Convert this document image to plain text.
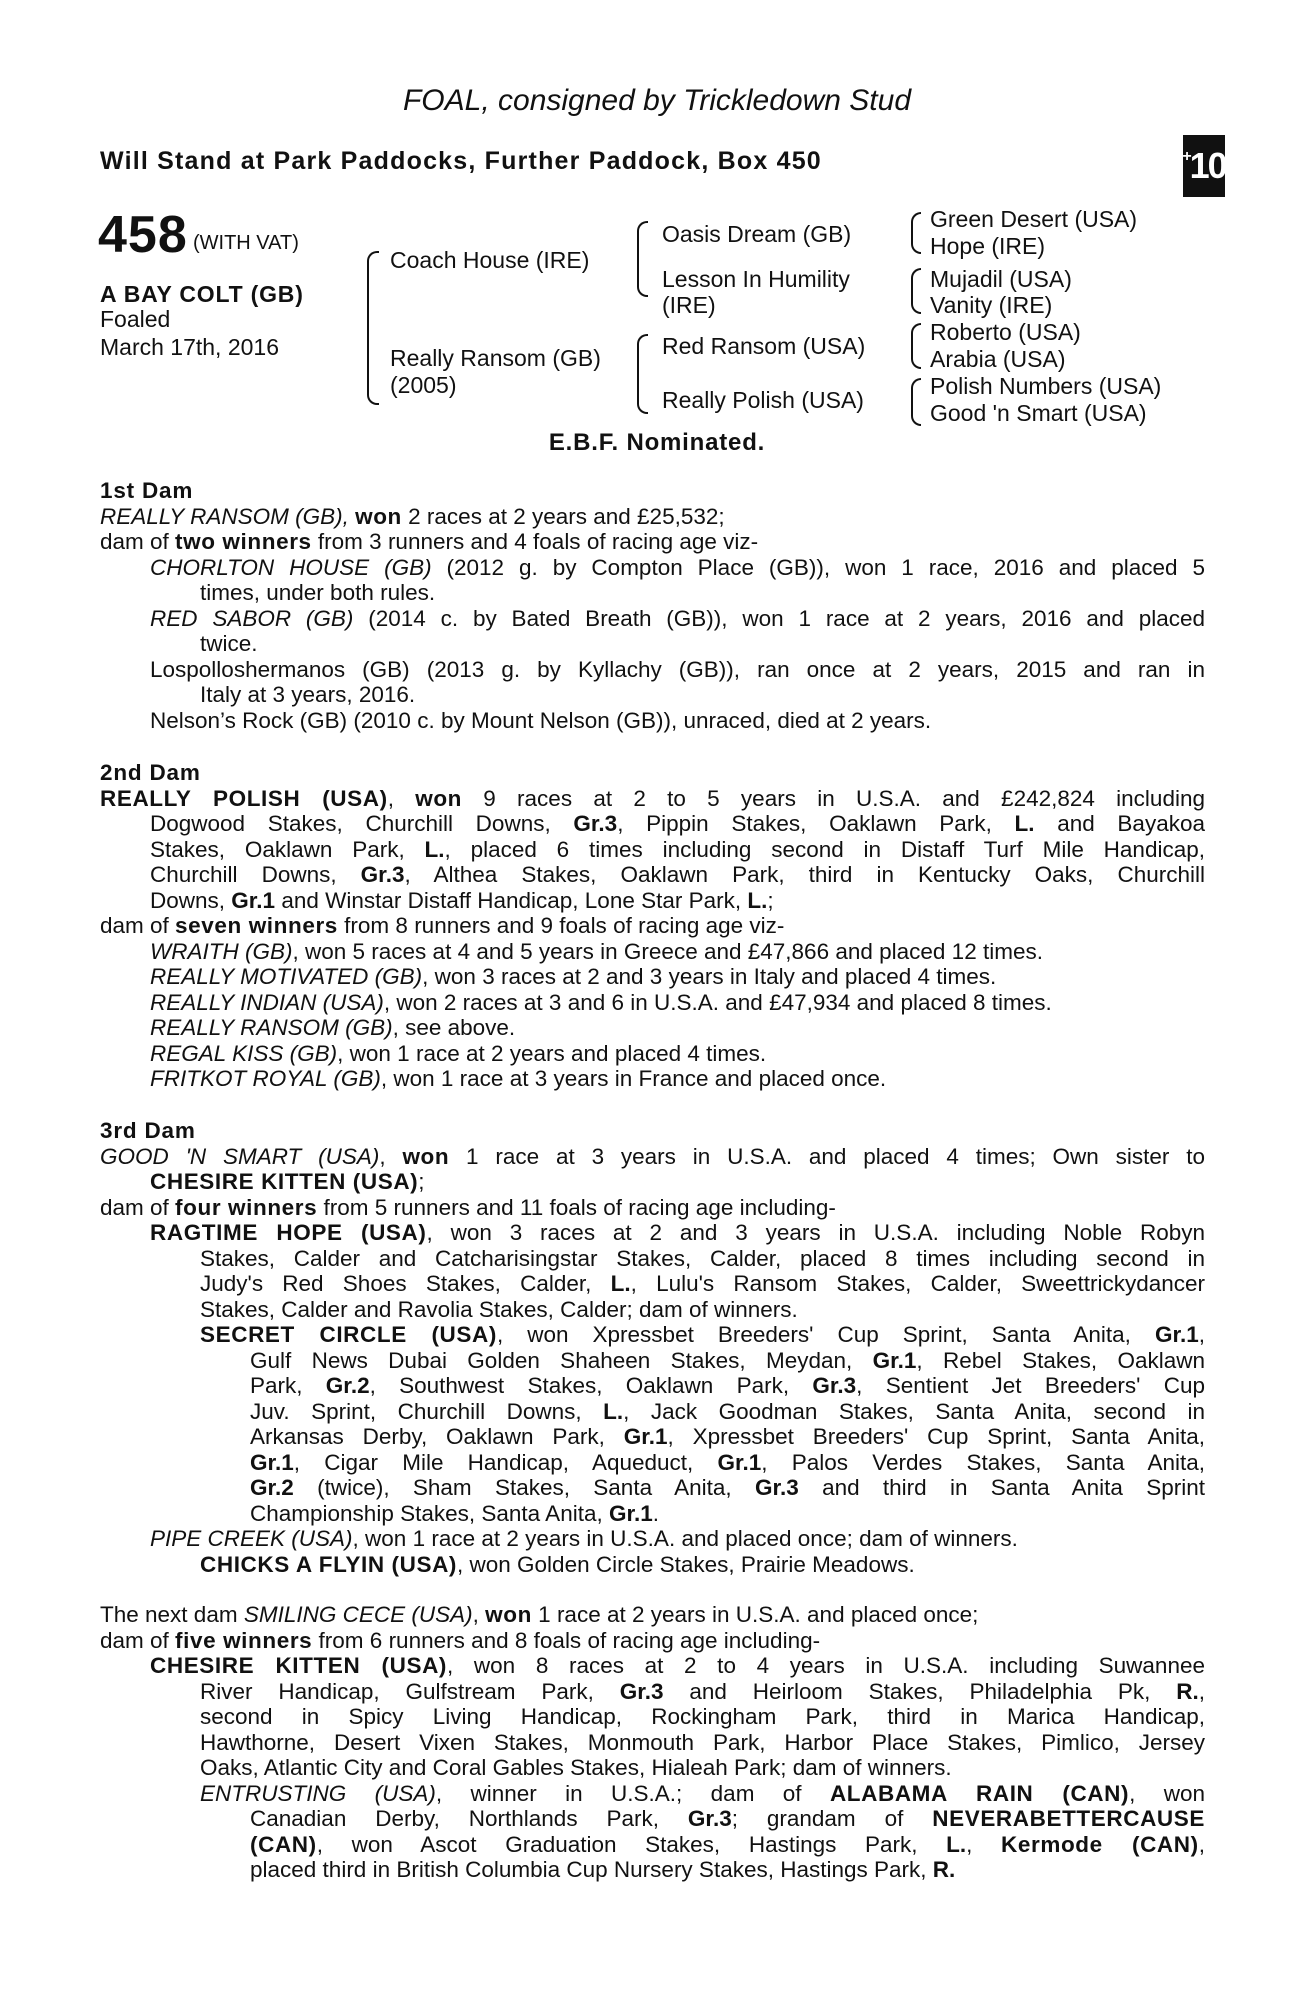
FOAL, consigned by Trickledown Stud
Will Stand at Park Paddocks, Further Paddock, Box 450	+ 10
458 (WITH VAT)
A BAY COLT (GB)
Foaled
March 17th, 2016
Coach House (IRE)
Really Ransom (GB)
(2005)
Oasis Dream (GB)
Lesson In Humility
(IRE)
Red Ransom (USA)
Really Polish (USA)
Green Desert (USA)
Hope (IRE)
Mujadil (USA)
Vanity (IRE)
Roberto (USA)
Arabia (USA)
Polish Numbers (USA)
Good 'n Smart (USA)
E.B.F. Nominated.
1st Dam
REALLY RANSOM (GB), won 2 races at 2 years and £25,532;
dam of two winners from 3 runners and 4 foals of racing age viz-
CHORLTON HOUSE (GB) (2012 g. by Compton Place (GB)), won 1 race, 2016 and placed 5
times, under both rules.
RED SABOR (GB) (2014 c. by Bated Breath (GB)), won 1 race at 2 years, 2016 and placed
twice.
Lospolloshermanos (GB) (2013 g. by Kyllachy (GB)), ran once at 2 years, 2015 and ran in
Italy at 3 years, 2016.
Nelson’s Rock (GB) (2010 c. by Mount Nelson (GB)), unraced, died at 2 years.
2nd Dam
REALLY POLISH (USA), won 9 races at 2 to 5 years in U.S.A. and £242,824 including
Dogwood Stakes, Churchill Downs, Gr.3, Pippin Stakes, Oaklawn Park, L. and Bayakoa
Stakes, Oaklawn Park, L., placed 6 times including second in Distaff Turf Mile Handicap,
Churchill Downs, Gr.3, Althea Stakes, Oaklawn Park, third in Kentucky Oaks, Churchill
Downs, Gr.1 and Winstar Distaff Handicap, Lone Star Park, L.;
dam of seven winners from 8 runners and 9 foals of racing age viz-
WRAITH (GB), won 5 races at 4 and 5 years in Greece and £47,866 and placed 12 times.
REALLY MOTIVATED (GB), won 3 races at 2 and 3 years in Italy and placed 4 times.
REALLY INDIAN (USA), won 2 races at 3 and 6 in U.S.A. and £47,934 and placed 8 times.
REALLY RANSOM (GB), see above.
REGAL KISS (GB), won 1 race at 2 years and placed 4 times.
FRITKOT ROYAL (GB), won 1 race at 3 years in France and placed once.
3rd Dam
GOOD 'N SMART (USA), won 1 race at 3 years in U.S.A. and placed 4 times; Own sister to
CHESIRE KITTEN (USA);
dam of four winners from 5 runners and 11 foals of racing age including-
RAGTIME HOPE (USA), won 3 races at 2 and 3 years in U.S.A. including Noble Robyn
Stakes, Calder and Catcharisingstar Stakes, Calder, placed 8 times including second in
Judy's Red Shoes Stakes, Calder, L., Lulu's Ransom Stakes, Calder, Sweettrickydancer
Stakes, Calder and Ravolia Stakes, Calder; dam of winners.
SECRET CIRCLE (USA), won Xpressbet Breeders' Cup Sprint, Santa Anita, Gr.1,
Gulf News Dubai Golden Shaheen Stakes, Meydan, Gr.1, Rebel Stakes, Oaklawn
Park, Gr.2, Southwest Stakes, Oaklawn Park, Gr.3, Sentient Jet Breeders' Cup
Juv. Sprint, Churchill Downs, L., Jack Goodman Stakes, Santa Anita, second in
Arkansas Derby, Oaklawn Park, Gr.1, Xpressbet Breeders' Cup Sprint, Santa Anita,
Gr.1, Cigar Mile Handicap, Aqueduct, Gr.1, Palos Verdes Stakes, Santa Anita,
Gr.2 (twice), Sham Stakes, Santa Anita, Gr.3 and third in Santa Anita Sprint
Championship Stakes, Santa Anita, Gr.1.
PIPE CREEK (USA), won 1 race at 2 years in U.S.A. and placed once; dam of winners.
CHICKS A FLYIN (USA), won Golden Circle Stakes, Prairie Meadows.
The next dam SMILING CECE (USA), won 1 race at 2 years in U.S.A. and placed once;
dam of five winners from 6 runners and 8 foals of racing age including-
CHESIRE KITTEN (USA), won 8 races at 2 to 4 years in U.S.A. including Suwannee
River Handicap, Gulfstream Park, Gr.3 and Heirloom Stakes, Philadelphia Pk, R.,
second in Spicy Living Handicap, Rockingham Park, third in Marica Handicap,
Hawthorne, Desert Vixen Stakes, Monmouth Park, Harbor Place Stakes, Pimlico, Jersey
Oaks, Atlantic City and Coral Gables Stakes, Hialeah Park; dam of winners.
ENTRUSTING (USA), winner in U.S.A.; dam of ALABAMA RAIN (CAN), won
Canadian Derby, Northlands Park, Gr.3; grandam of NEVERABETTERCAUSE
(CAN), won Ascot Graduation Stakes, Hastings Park, L., Kermode (CAN),
placed third in British Columbia Cup Nursery Stakes, Hastings Park, R.
